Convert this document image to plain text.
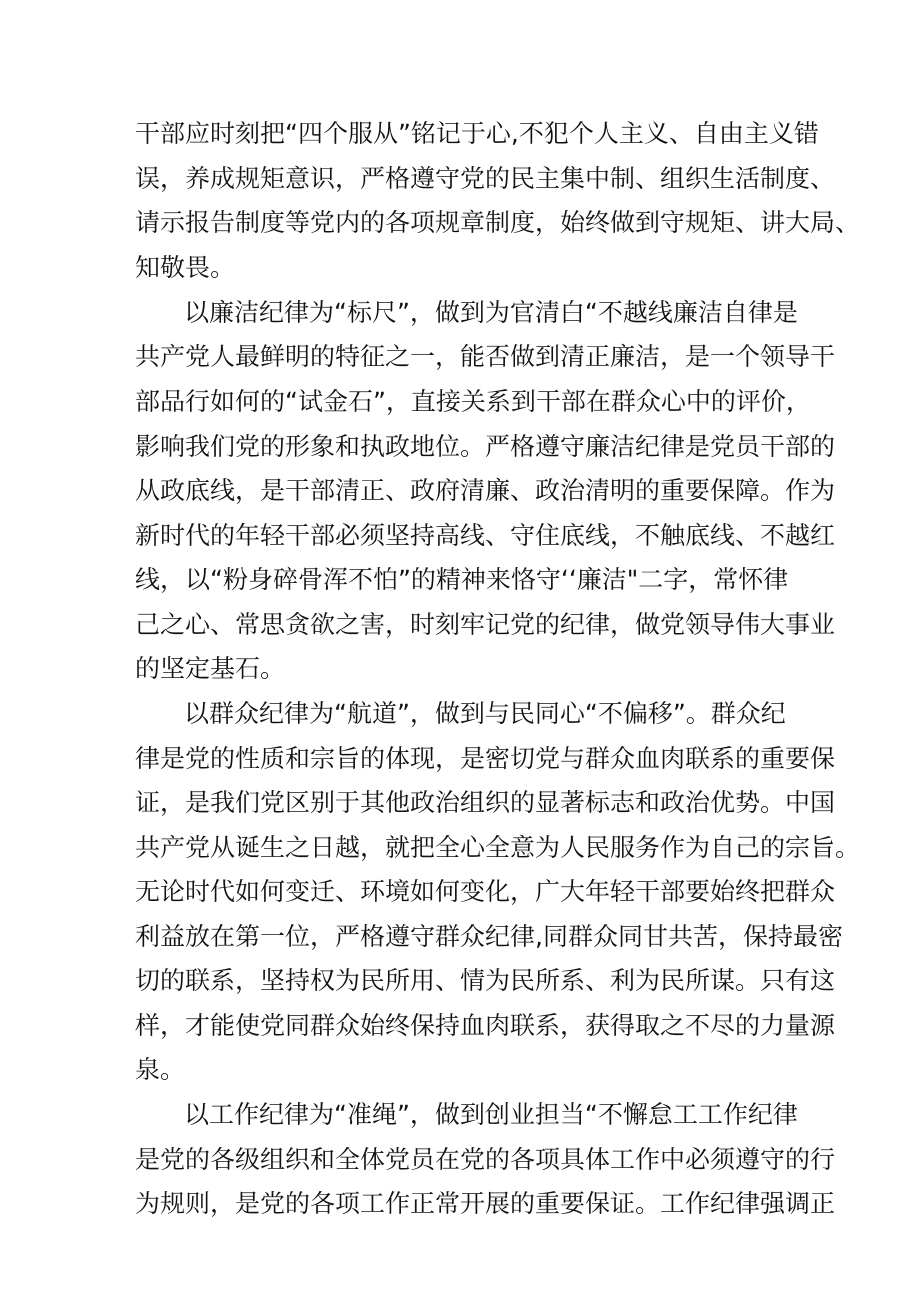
干部应时刻把“四个服从”铭记于心,不犯个人主义、自由主义错

误，养成规矩意识，严格遵守党的民主集中制、组织生活制度、

请示报告制度等党内的各项规章制度，始终做到守规矩、讲大局、

知敬畏。

以廉洁纪律为“标尺”，做到为官清白“不越线廉洁自律是

共产党人最鲜明的特征之一，能否做到清正廉洁，是一个领导干

部品行如何的“试金石”，直接关系到干部在群众心中的评价，

影响我们党的形象和执政地位。严格遵守廉洁纪律是党员干部的

从政底线，是干部清正、政府清廉、政治清明的重要保障。作为

新时代的年轻干部必须坚持高线、守住底线，不触底线、不越红

线，以“粉身碎骨浑不怕”的精神来恪守‘‘廉洁"二字，常怀律

己之心、常思贪欲之害，时刻牢记党的纪律，做党领导伟大事业

的坚定基石。

以群众纪律为“航道”，做到与民同心“不偏移”。群众纪

律是党的性质和宗旨的体现，是密切党与群众血肉联系的重要保

证，是我们党区别于其他政治组织的显著标志和政治优势。中国

共产党从诞生之日越，就把全心全意为人民服务作为自己的宗旨。

无论时代如何变迁、环境如何变化，广大年轻干部要始终把群众

利益放在第一位，严格遵守群众纪律,同群众同甘共苦，保持最密

切的联系，坚持权为民所用、情为民所系、利为民所谋。只有这

样，才能使党同群众始终保持血肉联系，获得取之不尽的力量源

泉。

以工作纪律为“准绳”，做到创业担当“不懈怠工工作纪律

是党的各级组织和全体党员在党的各项具体工作中必须遵守的行

为规则，是党的各项工作正常开展的重要保证。工作纪律强调正
